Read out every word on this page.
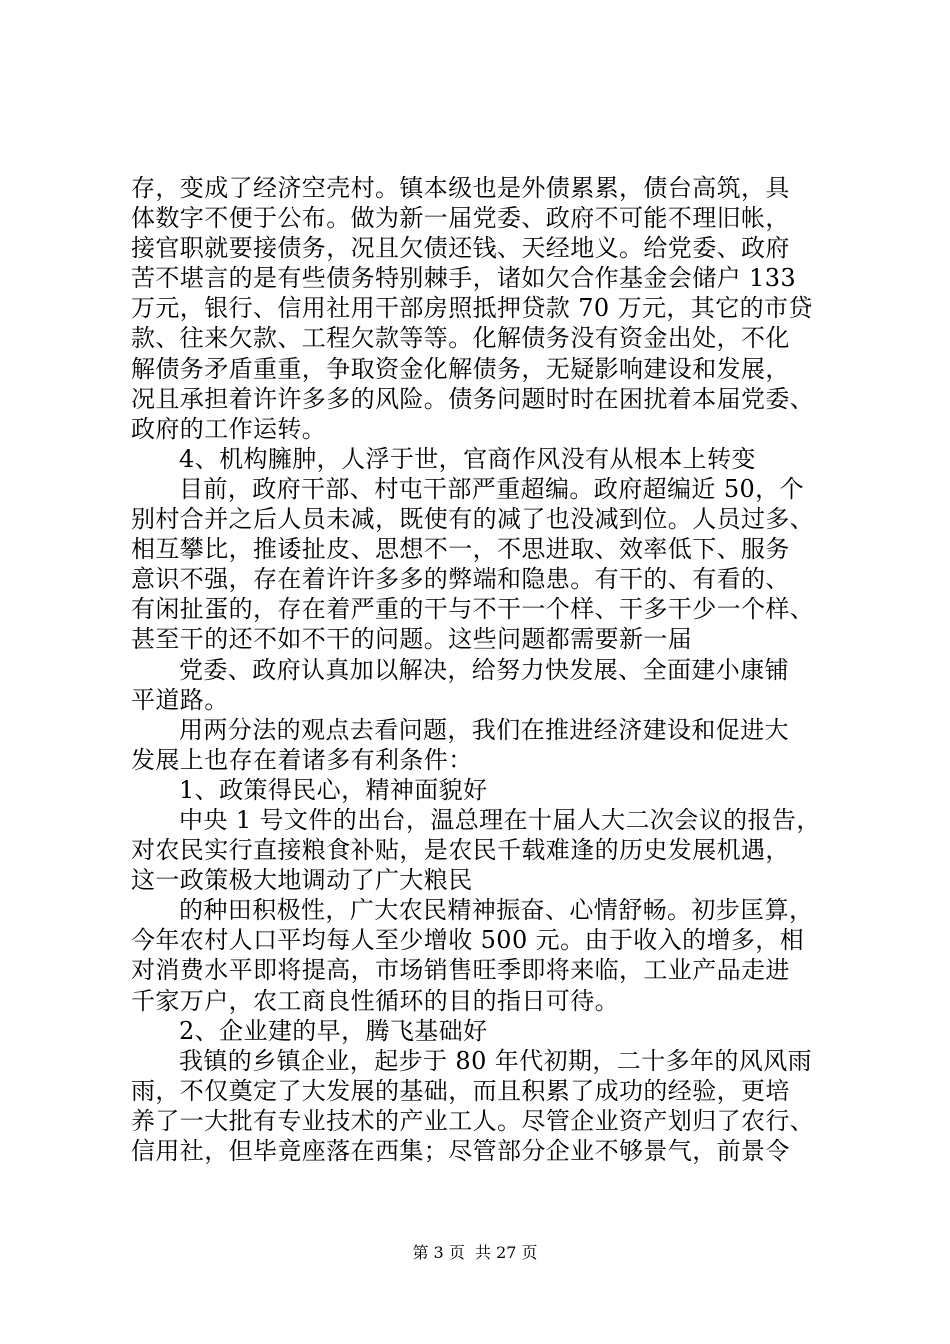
存，变成了经济空壳村。镇本级也是外债累累，债台高筑，具
体数字不便于公布。做为新一届党委、政府不可能不理旧帐，
接官职就要接债务，况且欠债还钱、天经地义。给党委、政府
苦不堪言的是有些债务特别棘手，诸如欠合作基金会储户 133
万元，银行、信用社用干部房照抵押贷款 70 万元，其它的市贷
款、往来欠款、工程欠款等等。化解债务没有资金出处，不化
解债务矛盾重重，争取资金化解债务，无疑影响建设和发展，
况且承担着许许多多的风险。债务问题时时在困扰着本届党委、
政府的工作运转。
4、机构臃肿，人浮于世，官商作风没有从根本上转变
目前，政府干部、村屯干部严重超编。政府超编近 50，个
别村合并之后人员未减，既使有的减了也没减到位。人员过多、
相互攀比，推诿扯皮、思想不一，不思进取、效率低下、服务
意识不强，存在着许许多多的弊端和隐患。有干的、有看的、
有闲扯蛋的，存在着严重的干与不干一个样、干多干少一个样、
甚至干的还不如不干的问题。这些问题都需要新一届
党委、政府认真加以解决，给努力快发展、全面建小康铺
平道路。
用两分法的观点去看问题，我们在推进经济建设和促进大
发展上也存在着诸多有利条件：
1、政策得民心，精神面貌好
中央 1 号文件的出台，温总理在十届人大二次会议的报告，
对农民实行直接粮食补贴，是农民千载难逢的历史发展机遇，
这一政策极大地调动了广大粮民
的种田积极性，广大农民精神振奋、心情舒畅。初步匡算，
今年农村人口平均每人至少增收 500 元。由于收入的增多，相
对消费水平即将提高，市场销售旺季即将来临，工业产品走进
千家万户，农工商良性循环的目的指日可待。
2、企业建的早，腾飞基础好
我镇的乡镇企业，起步于 80 年代初期，二十多年的风风雨
雨，不仅奠定了大发展的基础，而且积累了成功的经验，更培
养了一大批有专业技术的产业工人。尽管企业资产划归了农行、
信用社，但毕竟座落在西集；尽管部分企业不够景气，前景令
第 3 页  共 27 页
